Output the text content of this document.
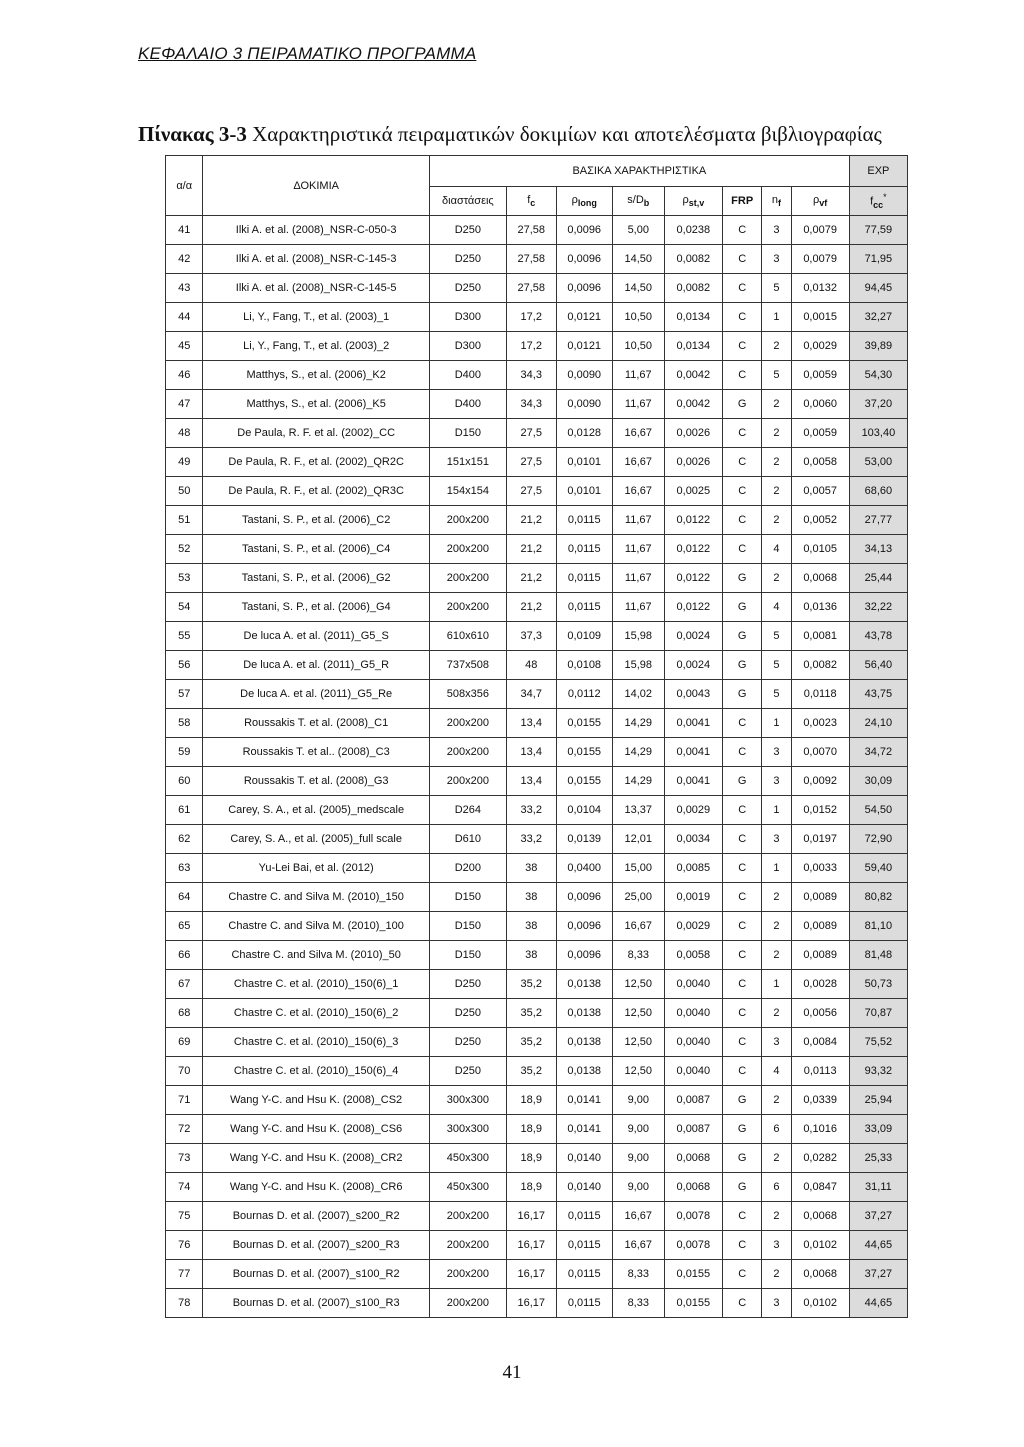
ΚΕΦΑΛΑΙΟ 3 ΠΕΙΡΑΜΑΤΙΚΟ ΠΡΟΓΡΑΜΜΑ
Πίνακας 3-3 Χαρακτηριστικά πειραματικών δοκιμίων και αποτελέσματα βιβλιογραφίας
α/α	ΔΟΚΙΜΙΑ	ΒΑΣΙΚΑ ΧΑΡΑΚΤΗΡΙΣΤΙΚΑ								EXP
		διαστάσεις	$f_c$	$\rho_{long}$	$s/D_b$	$\rho_{st,v}$	FRP	$n_f$	$\rho_{vf}$	$f_{cc}^*$
41	Ilki A. et al. (2008)_NSR-C-050-3	D250	27,58	0,0096	5,00	0,0238	C	3	0,0079	77,59
42	Ilki A. et al. (2008)_NSR-C-145-3	D250	27,58	0,0096	14,50	0,0082	C	3	0,0079	71,95
43	Ilki A. et al. (2008)_NSR-C-145-5	D250	27,58	0,0096	14,50	0,0082	C	5	0,0132	94,45
44	Li, Y., Fang, T., et al. (2003)_1	D300	17,2	0,0121	10,50	0,0134	C	1	0,0015	32,27
45	Li, Y., Fang, T., et al. (2003)_2	D300	17,2	0,0121	10,50	0,0134	C	2	0,0029	39,89
46	Matthys, S., et al. (2006)_K2	D400	34,3	0,0090	11,67	0,0042	C	5	0,0059	54,30
47	Matthys, S., et al. (2006)_K5	D400	34,3	0,0090	11,67	0,0042	G	2	0,0060	37,20
48	De Paula, R. F. et al. (2002)_CC	D150	27,5	0,0128	16,67	0,0026	C	2	0,0059	103,40
49	De Paula, R. F., et al. (2002)_QR2C	151x151	27,5	0,0101	16,67	0,0026	C	2	0,0058	53,00
50	De Paula, R. F., et al. (2002)_QR3C	154x154	27,5	0,0101	16,67	0,0025	C	2	0,0057	68,60
51	Tastani, S. P., et al. (2006)_C2	200x200	21,2	0,0115	11,67	0,0122	C	2	0,0052	27,77
52	Tastani, S. P., et al. (2006)_C4	200x200	21,2	0,0115	11,67	0,0122	C	4	0,0105	34,13
53	Tastani, S. P., et al. (2006)_G2	200x200	21,2	0,0115	11,67	0,0122	G	2	0,0068	25,44
54	Tastani, S. P., et al. (2006)_G4	200x200	21,2	0,0115	11,67	0,0122	G	4	0,0136	32,22
55	De luca A. et al. (2011)_G5_S	610x610	37,3	0,0109	15,98	0,0024	G	5	0,0081	43,78
56	De luca A. et al. (2011)_G5_R	737x508	48	0,0108	15,98	0,0024	G	5	0,0082	56,40
57	De luca A. et al. (2011)_G5_Re	508x356	34,7	0,0112	14,02	0,0043	G	5	0,0118	43,75
58	Roussakis T. et al. (2008)_C1	200x200	13,4	0,0155	14,29	0,0041	C	1	0,0023	24,10
59	Roussakis T. et al.. (2008)_C3	200x200	13,4	0,0155	14,29	0,0041	C	3	0,0070	34,72
60	Roussakis T. et al. (2008)_G3	200x200	13,4	0,0155	14,29	0,0041	G	3	0,0092	30,09
61	Carey, S. A., et al. (2005)_medscale	D264	33,2	0,0104	13,37	0,0029	C	1	0,0152	54,50
62	Carey, S. A., et al. (2005)_full scale	D610	33,2	0,0139	12,01	0,0034	C	3	0,0197	72,90
63	Yu-Lei Bai, et al. (2012)	D200	38	0,0400	15,00	0,0085	C	1	0,0033	59,40
64	Chastre C. and Silva M. (2010)_150	D150	38	0,0096	25,00	0,0019	C	2	0,0089	80,82
65	Chastre C. and Silva M. (2010)_100	D150	38	0,0096	16,67	0,0029	C	2	0,0089	81,10
66	Chastre C. and Silva M. (2010)_50	D150	38	0,0096	8,33	0,0058	C	2	0,0089	81,48
67	Chastre C. et al. (2010)_150(6)_1	D250	35,2	0,0138	12,50	0,0040	C	1	0,0028	50,73
68	Chastre C. et al. (2010)_150(6)_2	D250	35,2	0,0138	12,50	0,0040	C	2	0,0056	70,87
69	Chastre C. et al. (2010)_150(6)_3	D250	35,2	0,0138	12,50	0,0040	C	3	0,0084	75,52
70	Chastre C. et al. (2010)_150(6)_4	D250	35,2	0,0138	12,50	0,0040	C	4	0,0113	93,32
71	Wang Y-C. and Hsu K. (2008)_CS2	300x300	18,9	0,0141	9,00	0,0087	G	2	0,0339	25,94
72	Wang Y-C. and Hsu K. (2008)_CS6	300x300	18,9	0,0141	9,00	0,0087	G	6	0,1016	33,09
73	Wang Y-C. and Hsu K. (2008)_CR2	450x300	18,9	0,0140	9,00	0,0068	G	2	0,0282	25,33
74	Wang Y-C. and Hsu K. (2008)_CR6	450x300	18,9	0,0140	9,00	0,0068	G	6	0,0847	31,11
75	Bournas D. et al. (2007)_s200_R2	200x200	16,17	0,0115	16,67	0,0078	C	2	0,0068	37,27
76	Bournas D. et al. (2007)_s200_R3	200x200	16,17	0,0115	16,67	0,0078	C	3	0,0102	44,65
77	Bournas D. et al. (2007)_s100_R2	200x200	16,17	0,0115	8,33	0,0155	C	2	0,0068	37,27
78	Bournas D. et al. (2007)_s100_R3	200x200	16,17	0,0115	8,33	0,0155	C	3	0,0102	44,65
41
